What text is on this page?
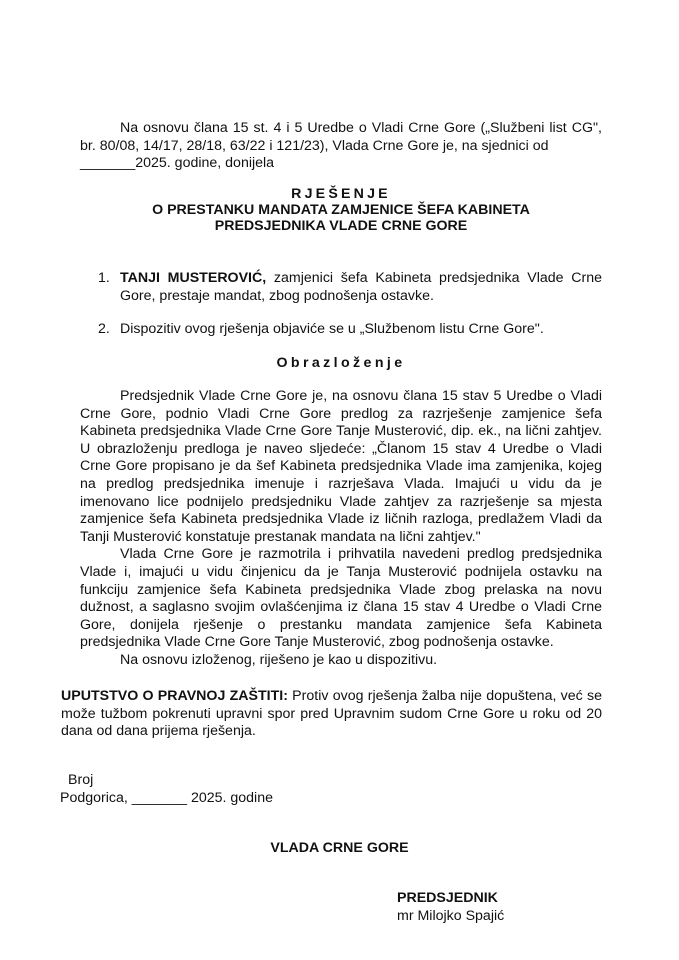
Na osnovu člana 15 st. 4 i 5 Uredbe o Vladi Crne Gore („Službeni list CG", br. 80/08, 14/17, 28/18, 63/22 i 121/23), Vlada Crne Gore je, na sjednici od
_______2025. godine, donijela
RJEŠENJE
O PRESTANKU MANDATA ZAMJENICE ŠEFA KABINETA
PREDSJEDNIKA VLADE CRNE GORE
1. TANJI MUSTEROVIĆ, zamjenici šefa Kabineta predsjednika Vlade Crne Gore, prestaje mandat, zbog podnošenja ostavke.
2. Dispozitiv ovog rješenja objaviće se u „Službenom listu Crne Gore".
Obrazloženje

Predsjednik Vlade Crne Gore je, na osnovu člana 15 stav 5 Uredbe o Vladi Crne Gore, podnio Vladi Crne Gore predlog za razrješenje zamjenice šefa Kabineta predsjednika Vlade Crne Gore Tanje Musterović, dip. ek., na lični zahtjev. U obrazloženju predloga je naveo sljedeće: „Članom 15 stav 4 Uredbe o Vladi Crne Gore propisano je da šef Kabineta predsjednika Vlade ima zamjenika, kojeg na predlog predsjednika imenuje i razrješava Vlada. Imajući u vidu da je imenovano lice podnijelo predsjedniku Vlade zahtjev za razrješenje sa mjesta zamjenice šefa Kabineta predsjednika Vlade iz ličnih razloga, predlažem Vladi da Tanji Musterović konstatuje prestanak mandata na lični zahtjev."

Vlada Crne Gore je razmotrila i prihvatila navedeni predlog predsjednika Vlade i, imajući u vidu činjenicu da je Tanja Musterović podnijela ostavku na funkciju zamjenice šefa Kabineta predsjednika Vlade zbog prelaska na novu dužnost, a saglasno svojim ovlašćenjima iz člana 15 stav 4 Uredbe o Vladi Crne Gore, donijela rješenje o prestanku mandata zamjenice šefa Kabineta predsjednika Vlade Crne Gore Tanje Musterović, zbog podnošenja ostavke.

Na osnovu izloženog, riješeno je kao u dispozitivu.

UPUTSTVO O PRAVNOJ ZAŠTITI: Protiv ovog rješenja žalba nije dopuštena, već se može tužbom pokrenuti upravni spor pred Upravnim sudom Crne Gore u roku od 20 dana od dana prijema rješenja.
Broj
Podgorica, _______ 2025. godine
VLADA CRNE GORE
PREDSJEDNIK
mr Milojko Spajić
